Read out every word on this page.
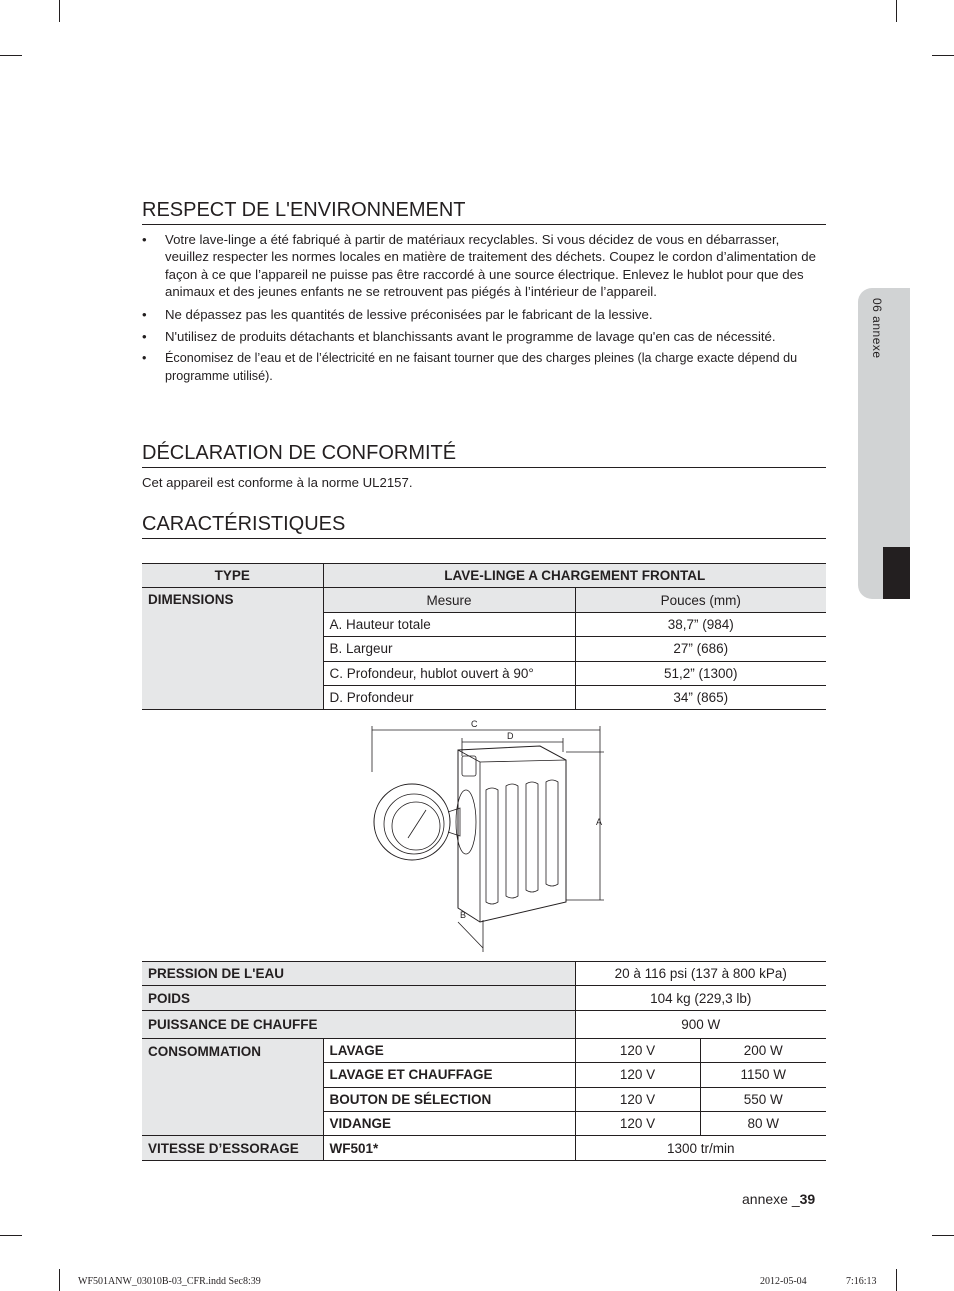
RESPECT DE L'ENVIRONNEMENT
• Votre lave-linge a été fabriqué à partir de matériaux recyclables. Si vous décidez de vous en débarrasser, veuillez respecter les normes locales en matière de traitement des déchets. Coupez le cordon d’alimentation de façon à ce que l’appareil ne puisse pas être raccordé à une source électrique. Enlevez le hublot pour que des animaux et des jeunes enfants ne se retrouvent pas piégés à l’intérieur de l’appareil.
• Ne dépassez pas les quantités de lessive préconisées par le fabricant de la lessive.
• N'utilisez de produits détachants et blanchissants avant le programme de lavage qu'en cas de nécessité.
• Économisez de l’eau et de l’électricité en ne faisant tourner que des charges pleines (la charge exacte dépend du programme utilisé).
DÉCLARATION DE CONFORMITÉ
Cet appareil est conforme à la norme UL2157.
CARACTÉRISTIQUES
TYPE	LAVE-LINGE A CHARGEMENT FRONTAL	
DIMENSIONS	Mesure	Pouces (mm)
	A. Hauteur totale	38,7” (984)
	B. Largeur	27” (686)
	C. Profondeur, hublot ouvert à 90°	51,2” (1300)
	D. Profondeur	34” (865)
PRESSION DE L'EAU		20 à 116 psi (137 à 800 kPa)	
POIDS		104 kg (229,3 lb)	
PUISSANCE DE CHAUFFE		900 W	
CONSOMMATION	LAVAGE	120 V	200 W
	LAVAGE ET CHAUFFAGE	120 V	1150 W
	BOUTON DE SÉLECTION	120 V	550 W
	VIDANGE	120 V	80 W
VITESSE D’ESSORAGE	WF501*	1300 tr/min	
C
D
A
B
06 annexe
annexe _39
WF501ANW_03010B-03_CFR.indd Sec8:39	2012-05-04	7:16:13
